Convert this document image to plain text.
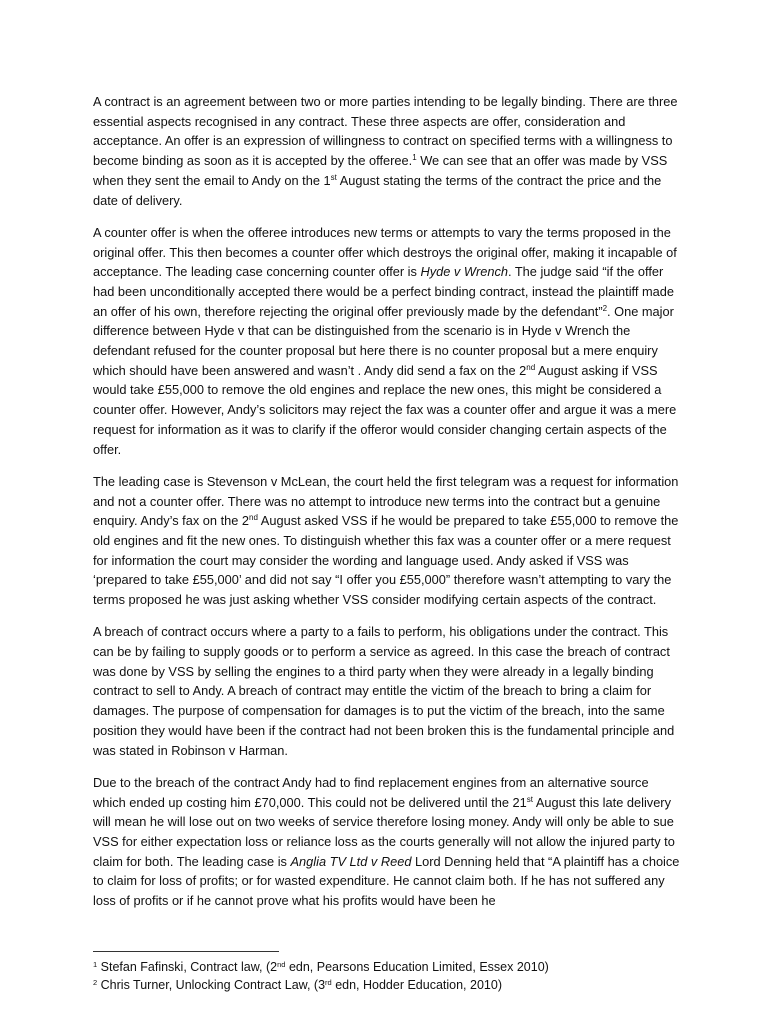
A contract is an agreement between two or more parties intending to be legally binding. There are three essential aspects recognised in any contract. These three aspects are offer, consideration and acceptance. An offer is an expression of willingness to contract on specified terms with a willingness to become binding as soon as it is accepted by the offeree.$^1$ We can see that an offer was made by VSS when they sent the email to Andy on the 1st August stating the terms of the contract the price and the date of delivery.

A counter offer is when the offeree introduces new terms or attempts to vary the terms proposed in the original offer. This then becomes a counter offer which destroys the original offer, making it incapable of acceptance. The leading case concerning counter offer is Hyde v Wrench. The judge said “if the offer had been unconditionally accepted there would be a perfect binding contract, instead the plaintiff made an offer of his own, therefore rejecting the original offer previously made by the defendant”$^2$. One major difference between Hyde v that can be distinguished from the scenario is in Hyde v Wrench the defendant refused for the counter proposal but here there is no counter proposal but a mere enquiry which should have been answered and wasn’t . Andy did send a fax on the 2nd August asking if VSS would take £55,000 to remove the old engines and replace the new ones, this might be considered a counter offer. However, Andy’s solicitors may reject the fax was a counter offer and argue it was a mere request for information as it was to clarify if the offeror would consider changing certain aspects of the offer.

The leading case is Stevenson v McLean, the court held the first telegram was a request for information and not a counter offer. There was no attempt to introduce new terms into the contract but a genuine enquiry. Andy’s fax on the 2nd August asked VSS if he would be prepared to take £55,000 to remove the old engines and fit the new ones. To distinguish whether this fax was a counter offer or a mere request for information the court may consider the wording and language used. Andy asked if VSS was ‘prepared to take £55,000’ and did not say “I offer you £55,000” therefore wasn’t attempting to vary the terms proposed he was just asking whether VSS consider modifying certain aspects of the contract.

A breach of contract occurs where a party to a fails to perform, his obligations under the contract. This can be by failing to supply goods or to perform a service as agreed. In this case the breach of contract was done by VSS by selling the engines to a third party when they were already in a legally binding contract to sell to Andy. A breach of contract may entitle the victim of the breach to bring a claim for damages. The purpose of compensation for damages is to put the victim of the breach, into the same position they would have been if the contract had not been broken this is the fundamental principle and was stated in Robinson v Harman.

Due to the breach of the contract Andy had to find replacement engines from an alternative source which ended up costing him £70,000. This could not be delivered until the 21st August this late delivery will mean he will lose out on two weeks of service therefore losing money. Andy will only be able to sue VSS for either expectation loss or reliance loss as the courts generally will not allow the injured party to claim for both. The leading case is Anglia TV Ltd v Reed Lord Denning held that “A plaintiff has a choice to claim for loss of profits; or for wasted expenditure. He cannot claim both. If he has not suffered any loss of profits or if he cannot prove what his profits would have been he

$^1$ Stefan Fafinski, Contract law, (2nd edn, Pearsons Education Limited, Essex 2010)

$^2$ Chris Turner, Unlocking Contract Law, (3rd edn, Hodder Education, 2010)
